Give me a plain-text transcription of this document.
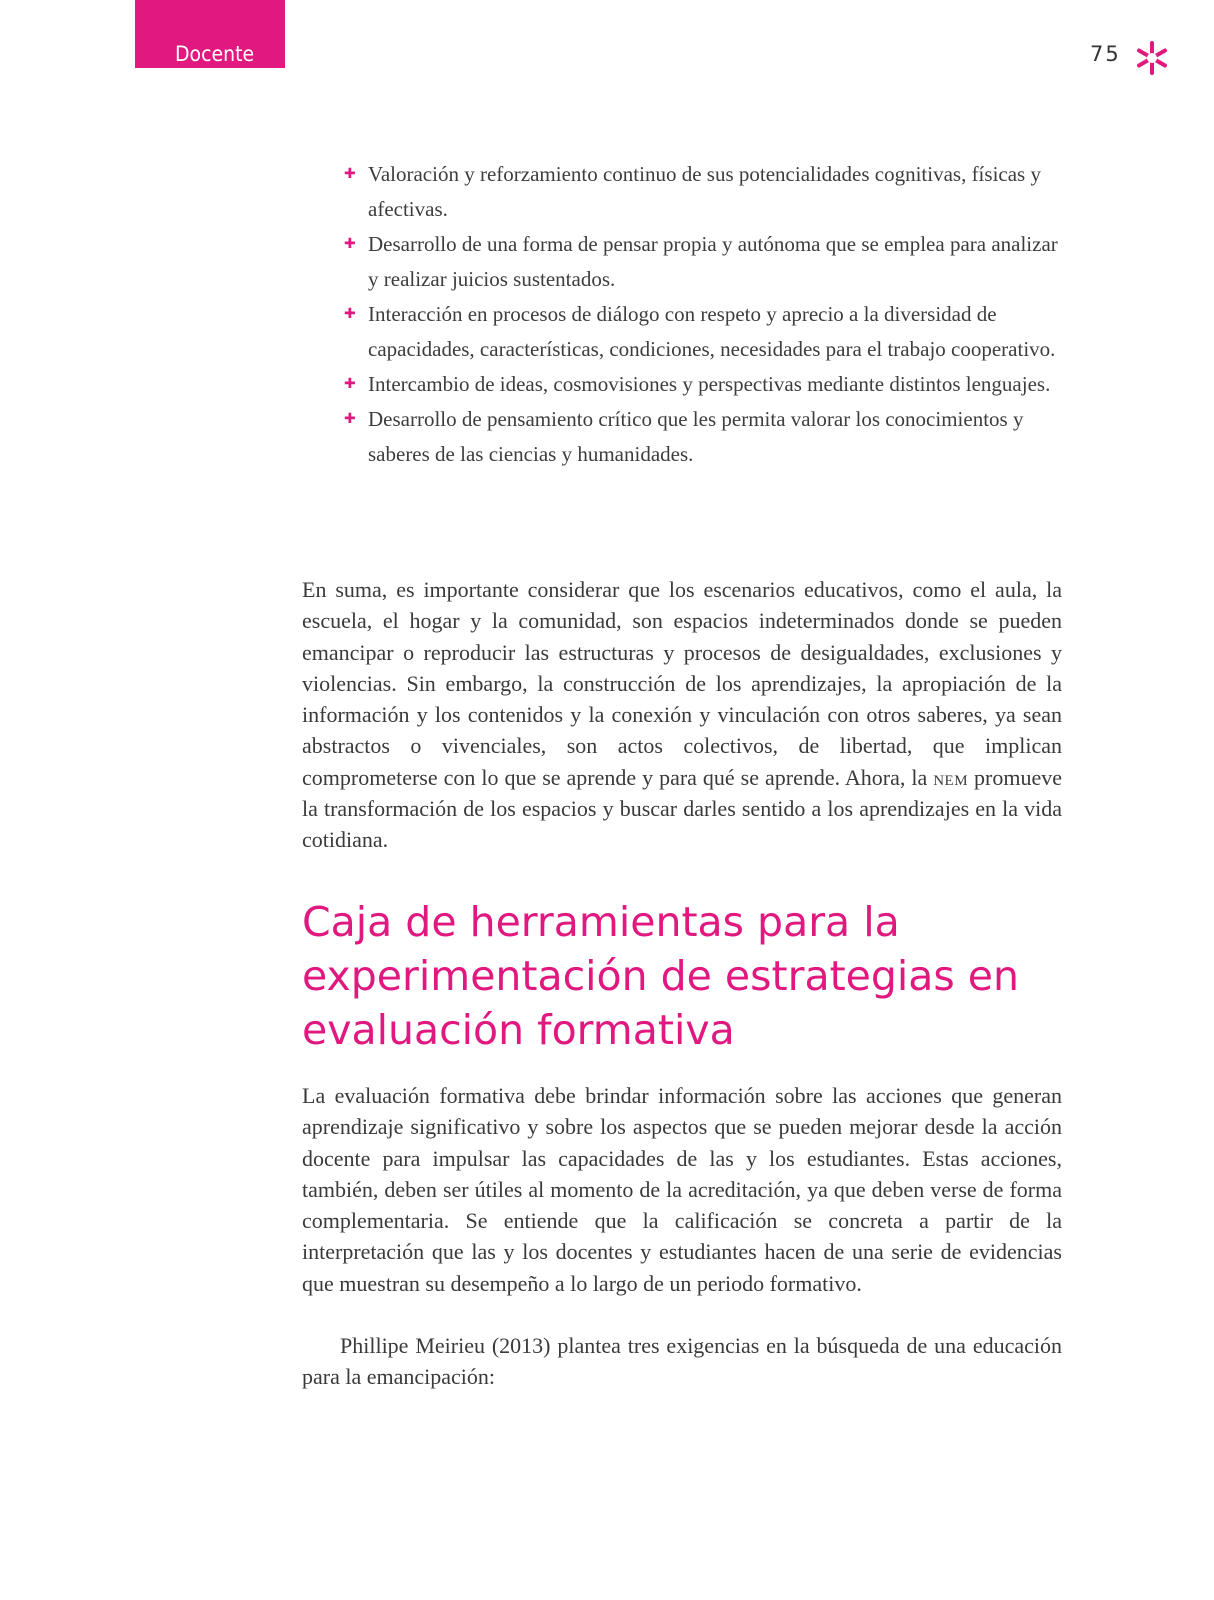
Docente	75
✚ Valoración y reforzamiento continuo de sus potencialidades cognitivas, físicas y afectivas.
✚ Desarrollo de una forma de pensar propia y autónoma que se emplea para analizar y realizar juicios sustentados.
✚ Interacción en procesos de diálogo con respeto y aprecio a la diversidad de capacidades, características, condiciones, necesidades para el trabajo cooperativo.
✚ Intercambio de ideas, cosmovisiones y perspectivas mediante distintos lenguajes.
✚ Desarrollo de pensamiento crítico que les permita valorar los conocimientos y saberes de las ciencias y humanidades.

En suma, es importante considerar que los escenarios educativos, como el aula, la escuela, el hogar y la comunidad, son espacios indeterminados donde se pueden emancipar o reproducir las estructuras y procesos de desigualdades, exclusiones y violencias. Sin embargo, la construcción de los aprendizajes, la apropiación de la información y los contenidos y la conexión y vinculación con otros saberes, ya sean abstractos o vivenciales, son actos colectivos, de libertad, que implican comprometerse con lo que se aprende y para qué se aprende. Ahora, la nem promueve la transformación de los espacios y buscar darles sentido a los aprendizajes en la vida cotidiana.

Caja de herramientas para la
experimentación de estrategias en
evaluación formativa

La evaluación formativa debe brindar información sobre las acciones que generan aprendizaje significativo y sobre los aspectos que se pueden mejorar desde la acción docente para impulsar las capacidades de las y los estudiantes. Estas acciones, también, deben ser útiles al momento de la acreditación, ya que deben verse de forma complementaria. Se entiende que la calificación se concreta a partir de la interpretación que las y los docentes y estudiantes hacen de una serie de evidencias que muestran su desempeño a lo largo de un periodo formativo.

Phillipe Meirieu (2013) plantea tres exigencias en la búsqueda de una educación para la emancipación:
